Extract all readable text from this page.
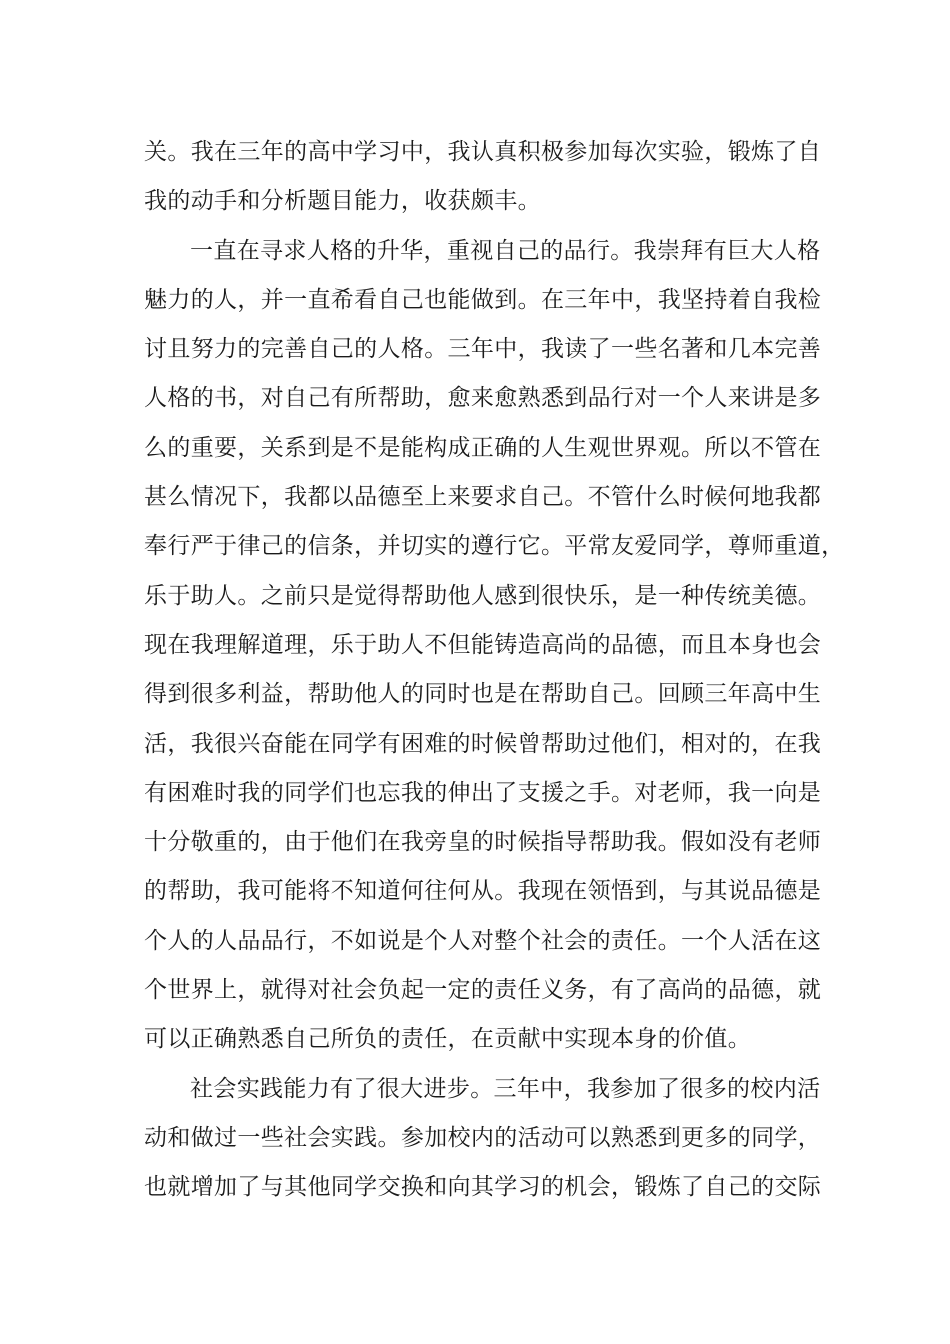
关。我在三年的高中学习中，我认真积极参加每次实验，锻炼了自
我的动手和分析题目能力，收获颇丰。
一直在寻求人格的升华，重视自己的品行。我崇拜有巨大人格
魅力的人，并一直希看自己也能做到。在三年中，我坚持着自我检
讨且努力的完善自己的人格。三年中，我读了一些名著和几本完善
人格的书，对自己有所帮助，愈来愈熟悉到品行对一个人来讲是多
么的重要，关系到是不是能构成正确的人生观世界观。所以不管在
甚么情况下，我都以品德至上来要求自己。不管什么时候何地我都
奉行严于律己的信条，并切实的遵行它。平常友爱同学，尊师重道，
乐于助人。之前只是觉得帮助他人感到很快乐，是一种传统美德。
现在我理解道理，乐于助人不但能铸造高尚的品德，而且本身也会
得到很多利益，帮助他人的同时也是在帮助自己。回顾三年高中生
活，我很兴奋能在同学有困难的时候曾帮助过他们，相对的，在我
有困难时我的同学们也忘我的伸出了支援之手。对老师，我一向是
十分敬重的，由于他们在我旁皇的时候指导帮助我。假如没有老师
的帮助，我可能将不知道何往何从。我现在领悟到，与其说品德是
个人的人品品行，不如说是个人对整个社会的责任。一个人活在这
个世界上，就得对社会负起一定的责任义务，有了高尚的品德，就
可以正确熟悉自己所负的责任，在贡献中实现本身的价值。
社会实践能力有了很大进步。三年中，我参加了很多的校内活
动和做过一些社会实践。参加校内的活动可以熟悉到更多的同学，
也就增加了与其他同学交换和向其学习的机会，锻炼了自己的交际
